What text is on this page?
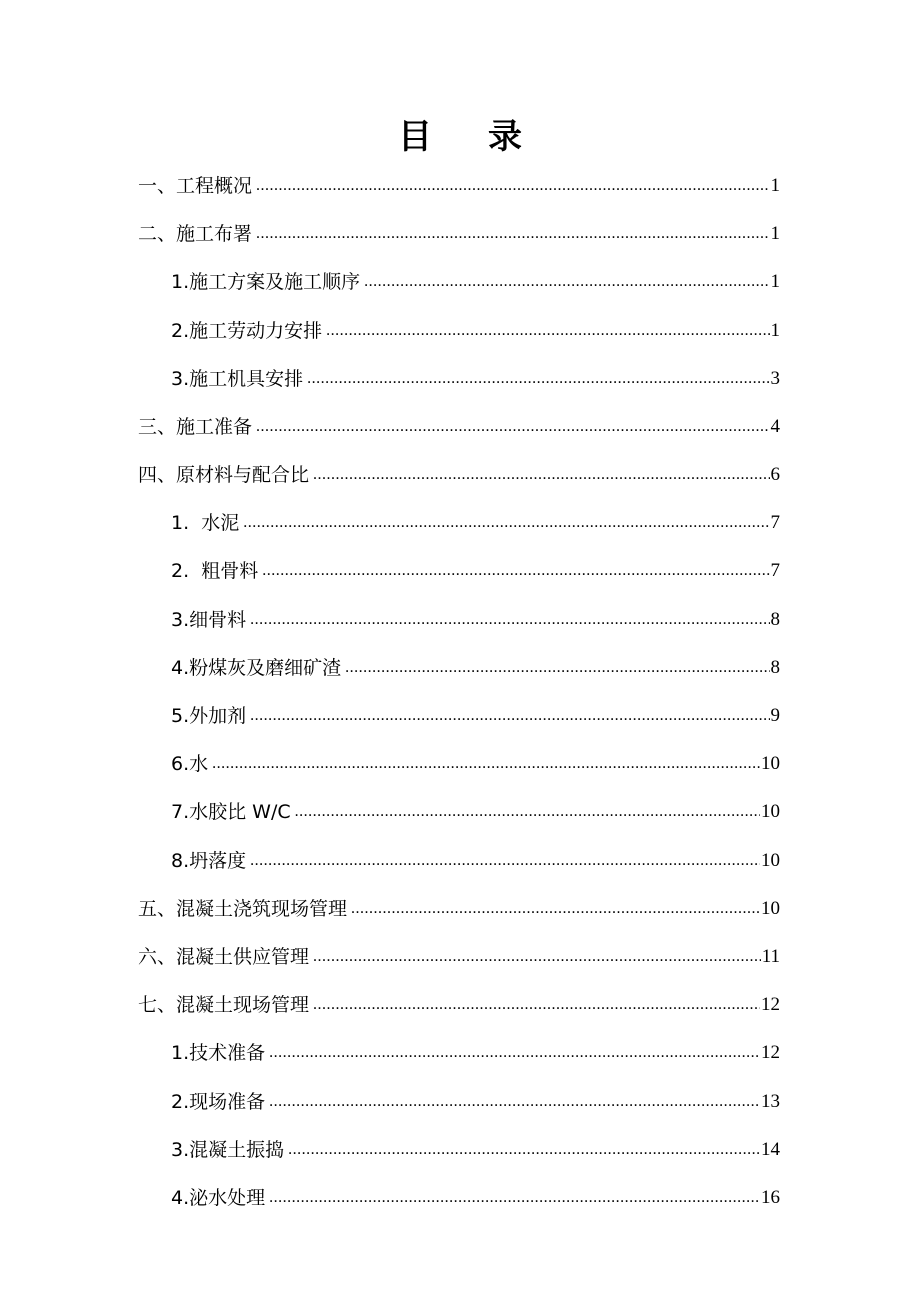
目 录
一、工程概况 .....	1
二、施工布署 .....	1
1.施工方案及施工顺序 .....	1
2.施工劳动力安排 .....	1
3.施工机具安排 .....	3
三、施工准备 .....	4
四、原材料与配合比 .....	6
1.  水泥 .....	7
2.  粗骨料 .....	7
3.细骨料 .....	8
4.粉煤灰及磨细矿渣 .....	8
5.外加剂 .....	9
6.水 .....	10
7.水胶比 W/C .....	10
8.坍落度 .....	10
五、混凝土浇筑现场管理 .....	10
六、混凝土供应管理 .....	11
七、混凝土现场管理 .....	12
1.技术准备 .....	12
2.现场准备 .....	13
3.混凝土振捣 .....	14
4.泌水处理 .....	16
